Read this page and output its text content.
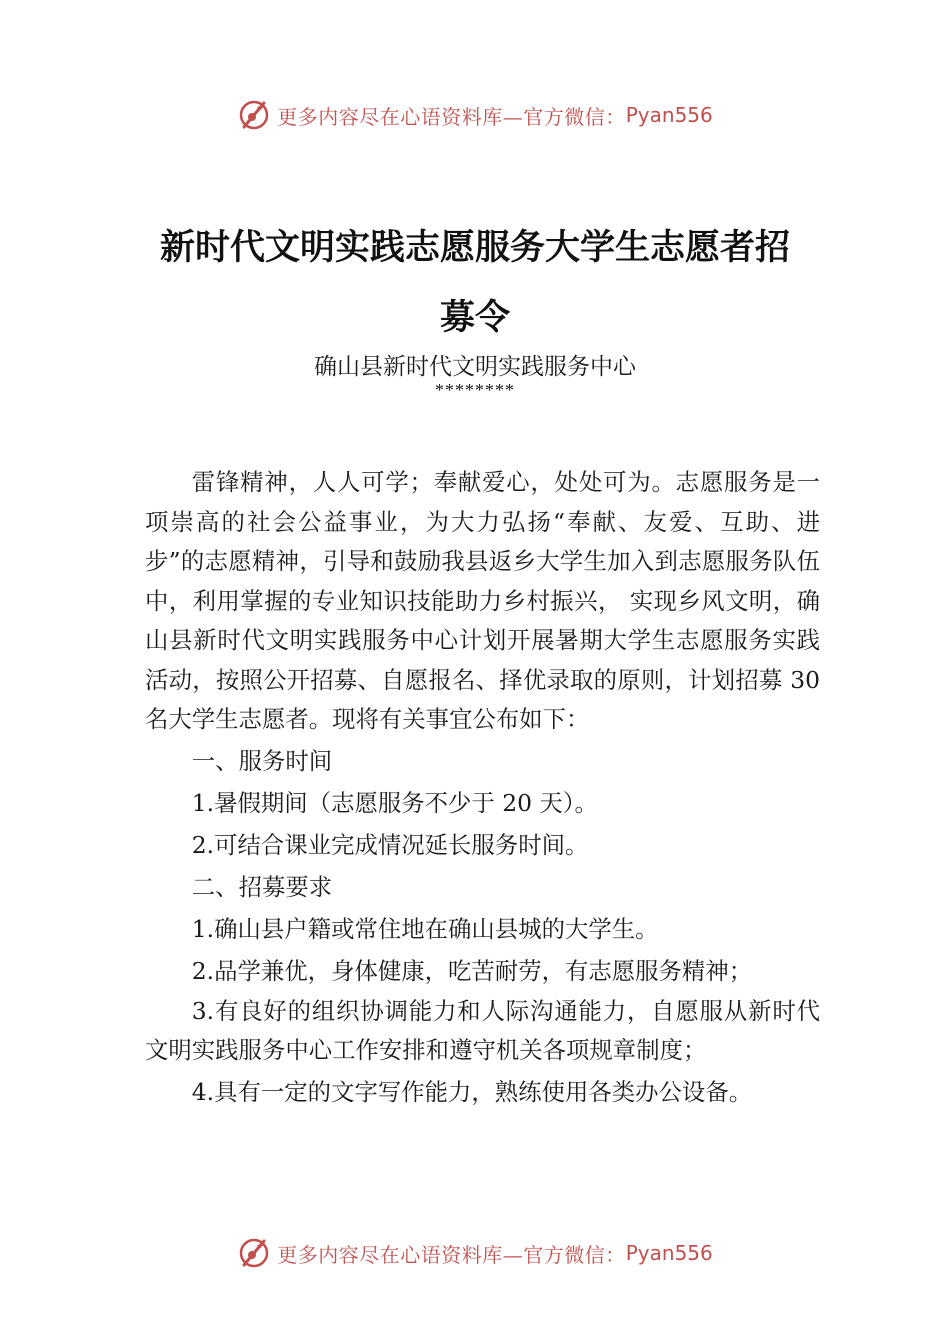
更多内容尽在心语资料库—官方微信： Pyan556
新时代文明实践志愿服务大学生志愿者招
募令

确山县新时代文明实践服务中心

********

雷锋精神，人人可学；奉献爱心，处处可为。志愿服务是一项崇高的社会公益事业，为大力弘扬“奉献、友爱、互助、进步”的志愿精神，引导和鼓励我县返乡大学生加入到志愿服务队伍中，利用掌握的专业知识技能助力乡村振兴， 实现乡风文明，确山县新时代文明实践服务中心计划开展暑期大学生志愿服务实践活动，按照公开招募、自愿报名、择优录取的原则，计划招募 30 名大学生志愿者。现将有关事宜公布如下：

一、服务时间

1.暑假期间（志愿服务不少于 20 天）。

2.可结合课业完成情况延长服务时间。

二、招募要求

1.确山县户籍或常住地在确山县城的大学生。

2.品学兼优，身体健康，吃苦耐劳，有志愿服务精神；

3.有良好的组织协调能力和人际沟通能力，自愿服从新时代文明实践服务中心工作安排和遵守机关各项规章制度；

4.具有一定的文字写作能力，熟练使用各类办公设备。

更多内容尽在心语资料库—官方微信： Pyan556
